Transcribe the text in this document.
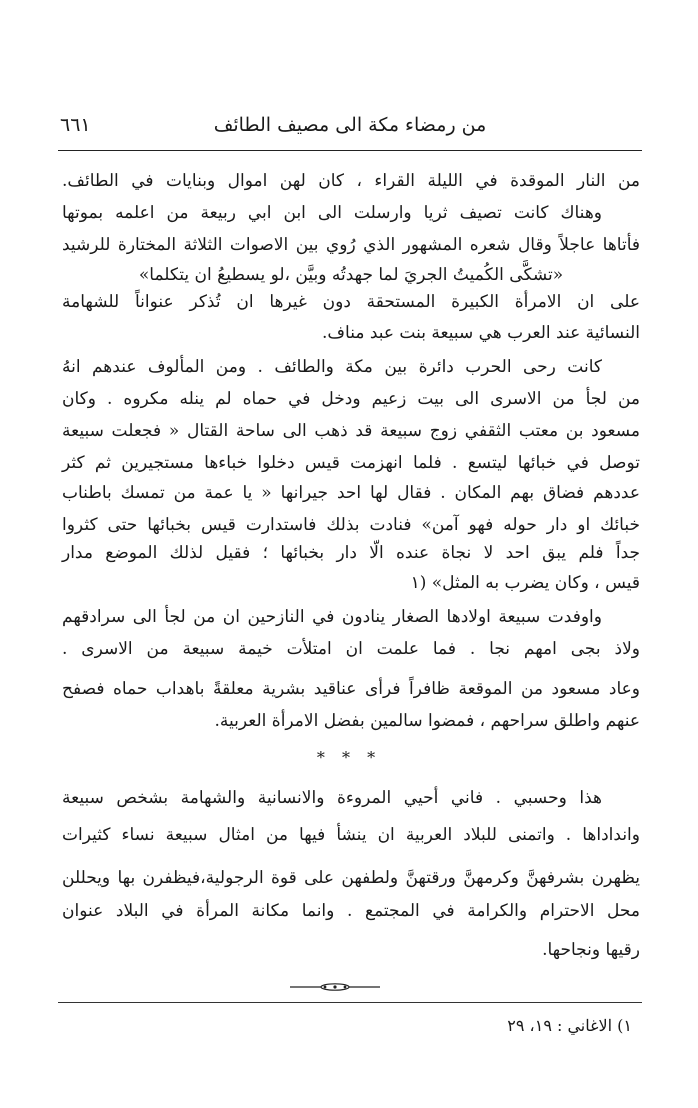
من رمضاء مكة الى مصيف الطائف
٦٦١
من النار الموقدة في الليلة القراء ، كان لهن اموال وبنايات في الطائف.
وهناك كانت تصيف ثريا وارسلت الى ابن ابي ربيعة من اعلمه بموتها
فأتاها عاجلاً وقال شعره المشهور الذي رُوي بين الاصوات الثلاثة المختارة للرشيد
«تشكَّى الكُميتُ الجريَ لما جهدتُه وبيَّن ،لو يسطيعُ ان يتكلما»
على ان الامرأة الكبيرة المستحقة دون غيرها ان تُذكر عنواناً للشهامة
النسائية عند العرب هي سبيعة بنت عبد مناف.
كانت رحى الحرب دائرة بين مكة والطائف . ومن المألوف عندهم انهُ
من لجأ من الاسرى الى بيت زعيم ودخل في حماه لم ينله مكروه . وكان
مسعود بن معتب الثقفي زوج سبيعة قد ذهب الى ساحة القتال « فجعلت سبيعة
توصل في خبائها ليتسع . فلما انهزمت قيس دخلوا خباءها مستجيرين ثم كثر
عددهم فضاق بهم المكان . فقال لها احد جيرانها « يا عمة من تمسك باطناب
خبائك او دار حوله فهو آمن» فنادت بذلك فاستدارت قيس بخبائها حتى كثروا
جداً فلم يبق احد لا نجاة عنده الّا دار بخبائها ؛ فقيل لذلك الموضع مدار
قيس ، وكان يضرب به المثل» (١
واوفدت سبيعة اولادها الصغار ينادون في النازحين ان من لجأ الى سرادقهم
ولاذ بجى امهم نجا . فما علمت ان امتلأت خيمة سبيعة من الاسرى .
وعاد مسعود من الموقعة ظافراً فرأى عناقيد بشرية معلقةً باهداب حماه فصفح
عنهم واطلق سراحهم ، فمضوا سالمين بفضل الامرأة العربية.
هذا وحسبي . فاني أحيي المروءة والانسانية والشهامة بشخص سبيعة
وانداداها . واتمنى للبلاد العربية ان ينشأ فيها من امثال سبيعة نساء كثيرات
يظهرن بشرفهنَّ وكرمهنَّ ورقتهنَّ ولطفهن على قوة الرجولية،فيظفرن بها ويحللن
محل الاحترام والكرامة في المجتمع . وانما مكانة المرأة في البلاد عنوان
رقيها ونجاحها.
* * *
١) الاغاني : ١٩، ٢٩
